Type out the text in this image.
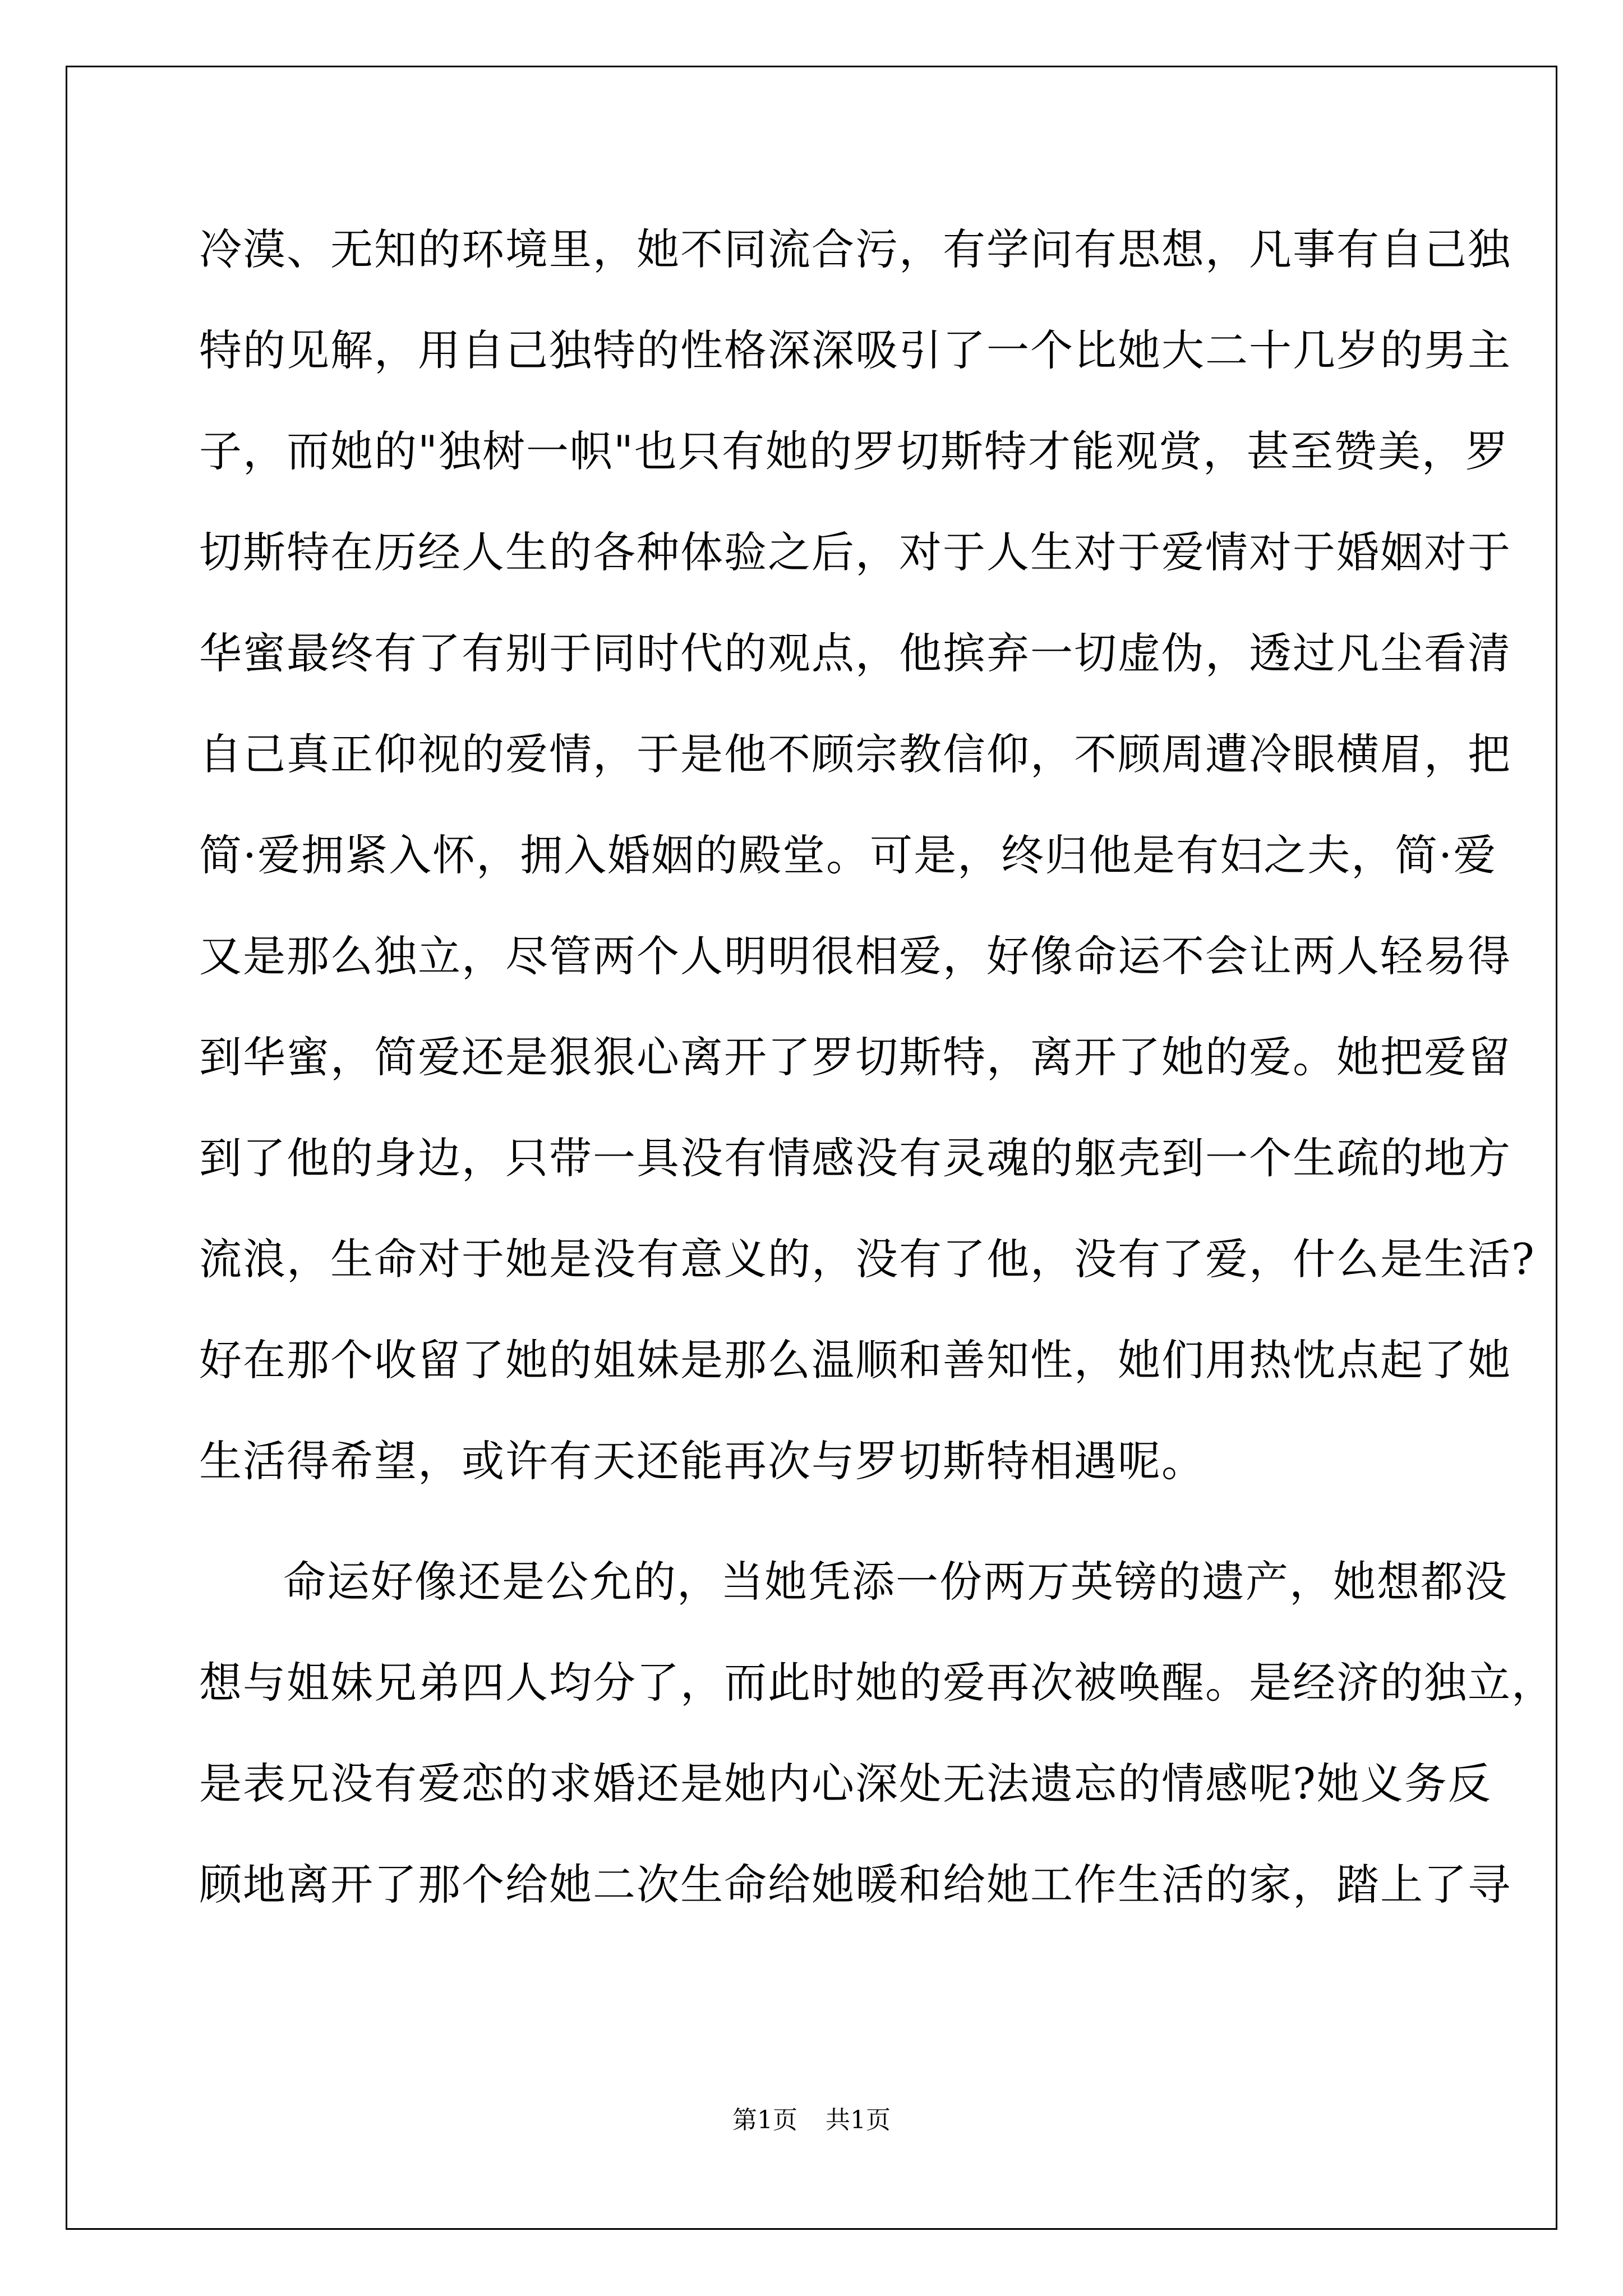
冷漠、无知的环境里，她不同流合污，有学问有思想，凡事有自己独
特的见解，用自己独特的性格深深吸引了一个比她大二十几岁的男主
子，而她的"独树一帜"也只有她的罗切斯特才能观赏，甚至赞美，罗
切斯特在历经人生的各种体验之后，对于人生对于爱情对于婚姻对于
华蜜最终有了有别于同时代的观点，他摈弃一切虚伪，透过凡尘看清
自己真正仰视的爱情，于是他不顾宗教信仰，不顾周遭冷眼横眉，把
简·爱拥紧入怀，拥入婚姻的殿堂。可是，终归他是有妇之夫，简·爱
又是那么独立，尽管两个人明明很相爱，好像命运不会让两人轻易得
到华蜜，简爱还是狠狠心离开了罗切斯特，离开了她的爱。她把爱留
到了他的身边，只带一具没有情感没有灵魂的躯壳到一个生疏的地方
流浪，生命对于她是没有意义的，没有了他，没有了爱，什么是生活?
好在那个收留了她的姐妹是那么温顺和善知性，她们用热忱点起了她
生活得希望，或许有天还能再次与罗切斯特相遇呢。
命运好像还是公允的，当她凭添一份两万英镑的遗产，她想都没
想与姐妹兄弟四人均分了，而此时她的爱再次被唤醒。是经济的独立，
是表兄没有爱恋的求婚还是她内心深处无法遗忘的情感呢?她义务反
顾地离开了那个给她二次生命给她暖和给她工作生活的家，踏上了寻
第1页 共1页
